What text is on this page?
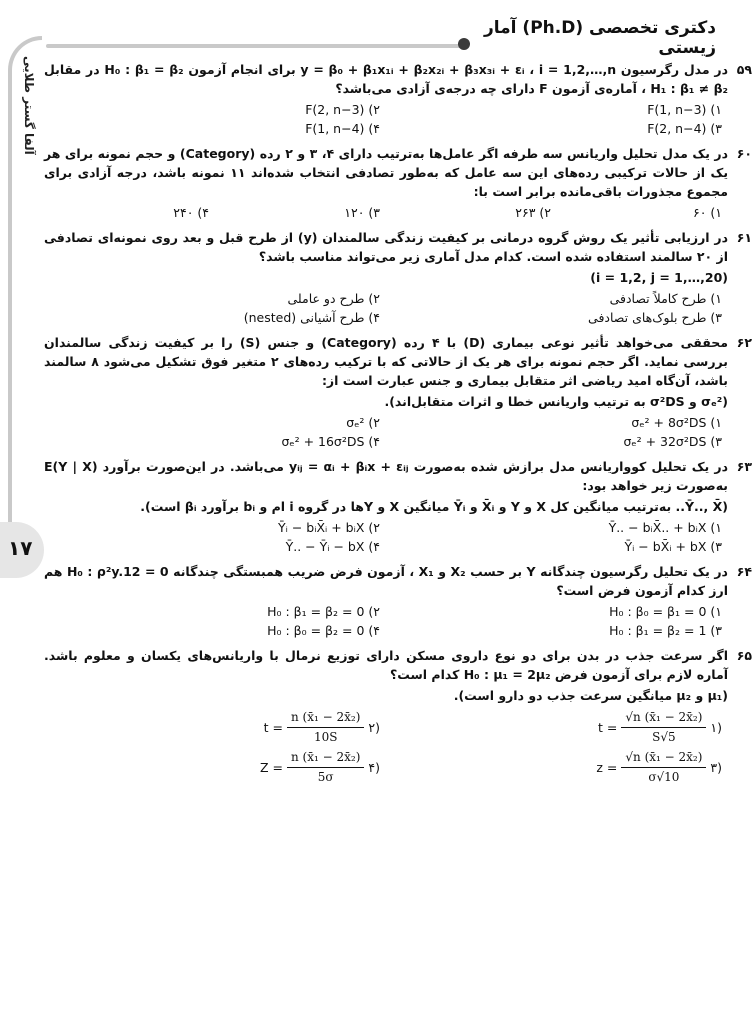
دکتری تخصصی (Ph.D) آمار زیستی
آلفا گستر طلایی
۱۷
۵۹
در مدل رگرسیون y = β₀ + β₁x₁ᵢ + β₂x₂ᵢ + β₃x₃ᵢ + εᵢ ، i = 1,2,…,n برای انجام آزمون H₀ : β₁ = β₂ در مقابل H₁ : β₁ ≠ β₂ ، آماره‌ی آزمون F دارای چه درجه‌ی آزادی می‌باشد؟
۱) F(1, n−3)
۲) F(2, n−3)
۳) F(2, n−4)
۴) F(1, n−4)
۶۰
در یک مدل تحلیل واریانس سه طرفه اگر عامل‌ها به‌ترتیب دارای ۴، ۳ و ۲ رده (Category) و حجم نمونه برای هر یک از حالات ترکیبی رده‌های این سه عامل که به‌طور تصادفی انتخاب شده‌اند ۱۱ نمونه باشد، درجه آزادی برای مجموع مجذورات باقی‌مانده برابر است با:
۱) ۶۰
۲) ۲۶۳
۳) ۱۲۰
۴) ۲۴۰
۶۱
در ارزیابی تأثیر یک روش گروه درمانی بر کیفیت زندگی سالمندان (y) از طرح قبل و بعد روی نمونه‌ای تصادفی از ۲۰ سالمند استفاده شده است. کدام مدل آماری زیر می‌تواند مناسب باشد؟
(i = 1,2, j = 1,…,20)
۱) طرح کاملاً تصادفی
۲) طرح دو عاملی
۳) طرح بلوک‌های تصادفی
۴) طرح آشیانی (nested)
۶۲
محققی می‌خواهد تأثیر نوعی بیماری (D) با ۴ رده (Category) و جنس (S) را بر کیفیت زندگی سالمندان بررسی نماید. اگر حجم نمونه برای هر یک از حالاتی که با ترکیب رده‌های ۲ متغیر فوق تشکیل می‌شود ۸ سالمند باشد، آن‌گاه امید ریاضی اثر متقابل بیماری و جنس عبارت است از:
(σₑ² و σ²DS به ترتیب واریانس خطا و اثرات متقابل‌اند).
۱) σₑ² + 8σ²DS
۲) σₑ²
۳) σₑ² + 32σ²DS
۴) σₑ² + 16σ²DS
۶۳
در یک تحلیل کوواریانس مدل برازش شده به‌صورت yᵢⱼ = αᵢ + βᵢx + εᵢⱼ می‌باشد. در این‌صورت برآورد E(Y | X) به‌صورت زیر خواهد بود:
(Ȳ.., X̄.. به‌ترتیب میانگین کل X و Y و X̄ᵢ و Ȳᵢ میانگین X و Yها در گروه i ام و bᵢ برآورد βᵢ است).
۱) Ȳ.. − bᵢX̄.. + bᵢX
۲) Ȳᵢ − bᵢX̄ᵢ + bᵢX
۳) Ȳᵢ − bX̄ᵢ + bX
۴) Ȳ.. − Ȳᵢ − bX
۶۴
در یک تحلیل رگرسیون چندگانه Y بر حسب X₂ و X₁ ، آزمون فرض ضریب همبستگی چندگانه H₀ : ρ²y.12 = 0 هم ارز کدام آزمون فرض است؟
۱) H₀ : β₀ = β₁ = 0
۲) H₀ : β₁ = β₂ = 0
۳) H₀ : β₁ = β₂ = 1
۴) H₀ : β₀ = β₂ = 0
۶۵
اگر سرعت جذب در بدن برای دو نوع داروی مسکن دارای توزیع نرمال با واریانس‌های یکسان و معلوم باشد. آماره لازم برای آزمون فرض H₀ : μ₁ = 2μ₂ کدام است؟
(μ₁ و μ₂ میانگین سرعت جذب دو دارو است).
$t = \frac{\text{√n (x̄₁ − 2x̄₂)}}{S√5}$ ۱)
$t = \frac{\text{n (x̄₁ − 2x̄₂)}}{10S}$ ۲)
$z = \frac{\text{√n (x̄₁ − 2x̄₂)}}{\sigma√10}$ ۳)
$Z = \frac{\text{n (x̄₁ − 2x̄₂)}}{5\sigma}$ ۴)
